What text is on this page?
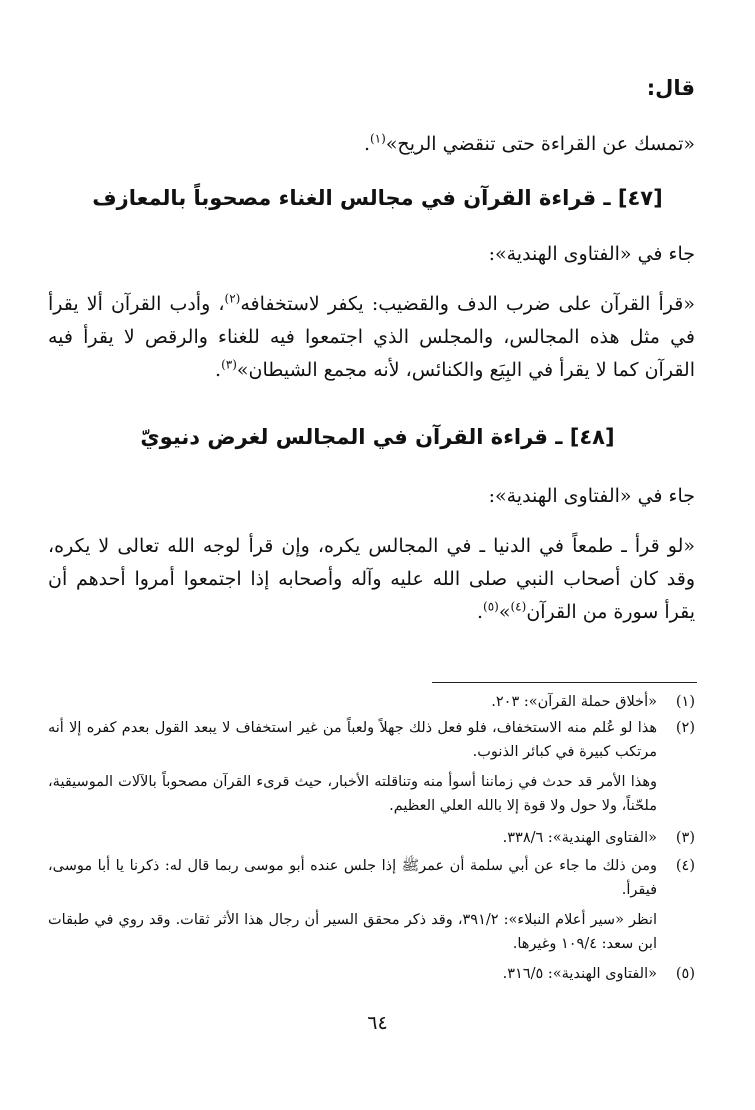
قال:
«تمسك عن القراءة حتى تنقضي الريح»$^{(١)}$.
[٤٧] ـ قراءة القرآن في مجالس الغناء مصحوباً بالمعازف
جاء في «الفتاوى الهندية»:
«قرأ القرآن على ضرب الدف والقضيب: يكفر لاستخفافه$^{(٢)}$، وأدب القرآن ألا يقرأ في مثل هذه المجالس، والمجلس الذي اجتمعوا فيه للغناء والرقص لا يقرأ فيه القرآن كما لا يقرأ في البِيَع والكنائس، لأنه مجمع الشيطان»$^{(٣)}$.
[٤٨] ـ قراءة القرآن في المجالس لغرض دنيويّ
جاء في «الفتاوى الهندية»:
«لو قرأ ـ طمعاً في الدنيا ـ في المجالس يكره، وإن قرأ لوجه الله تعالى لا يكره، وقد كان أصحاب النبي صلى الله عليه وآله وأصحابه إذا اجتمعوا أمروا أحدهم أن يقرأ سورة من القرآن$^{(٤)}$»$^{(٥)}$.
(١)
«أخلاق حملة القرآن»: ٢٠٣.
(٢)
هذا لو عُلم منه الاستخفاف، فلو فعل ذلك جهلاً ولعباً من غير استخفاف لا يبعد القول بعدم كفره إلا أنه مرتكب كبيرة في كبائر الذنوب.
وهذا الأمر قد حدث في زماننا أسوأ منه وتناقلته الأخبار، حيث قرىء القرآن مصحوباً بالآلات الموسيقية، ملحّناً، ولا حول ولا قوة إلا بالله العلي العظيم.
(٣)
«الفتاوى الهندية»: ٣٣٨/٦.
(٤)
ومن ذلك ما جاء عن أبي سلمة أن عمرﷺ إذا جلس عنده أبو موسى ربما قال له: ذكرنا يا أبا موسى، فيقرأ.
انظر «سير أعلام النبلاء»: ٣٩١/٢، وقد ذكر محقق السير أن رجال هذا الأثر ثقات. وقد روي في طبقات ابن سعد: ١٠٩/٤ وغيرها.
(٥)
«الفتاوى الهندية»: ٣١٦/٥.
٦٤
